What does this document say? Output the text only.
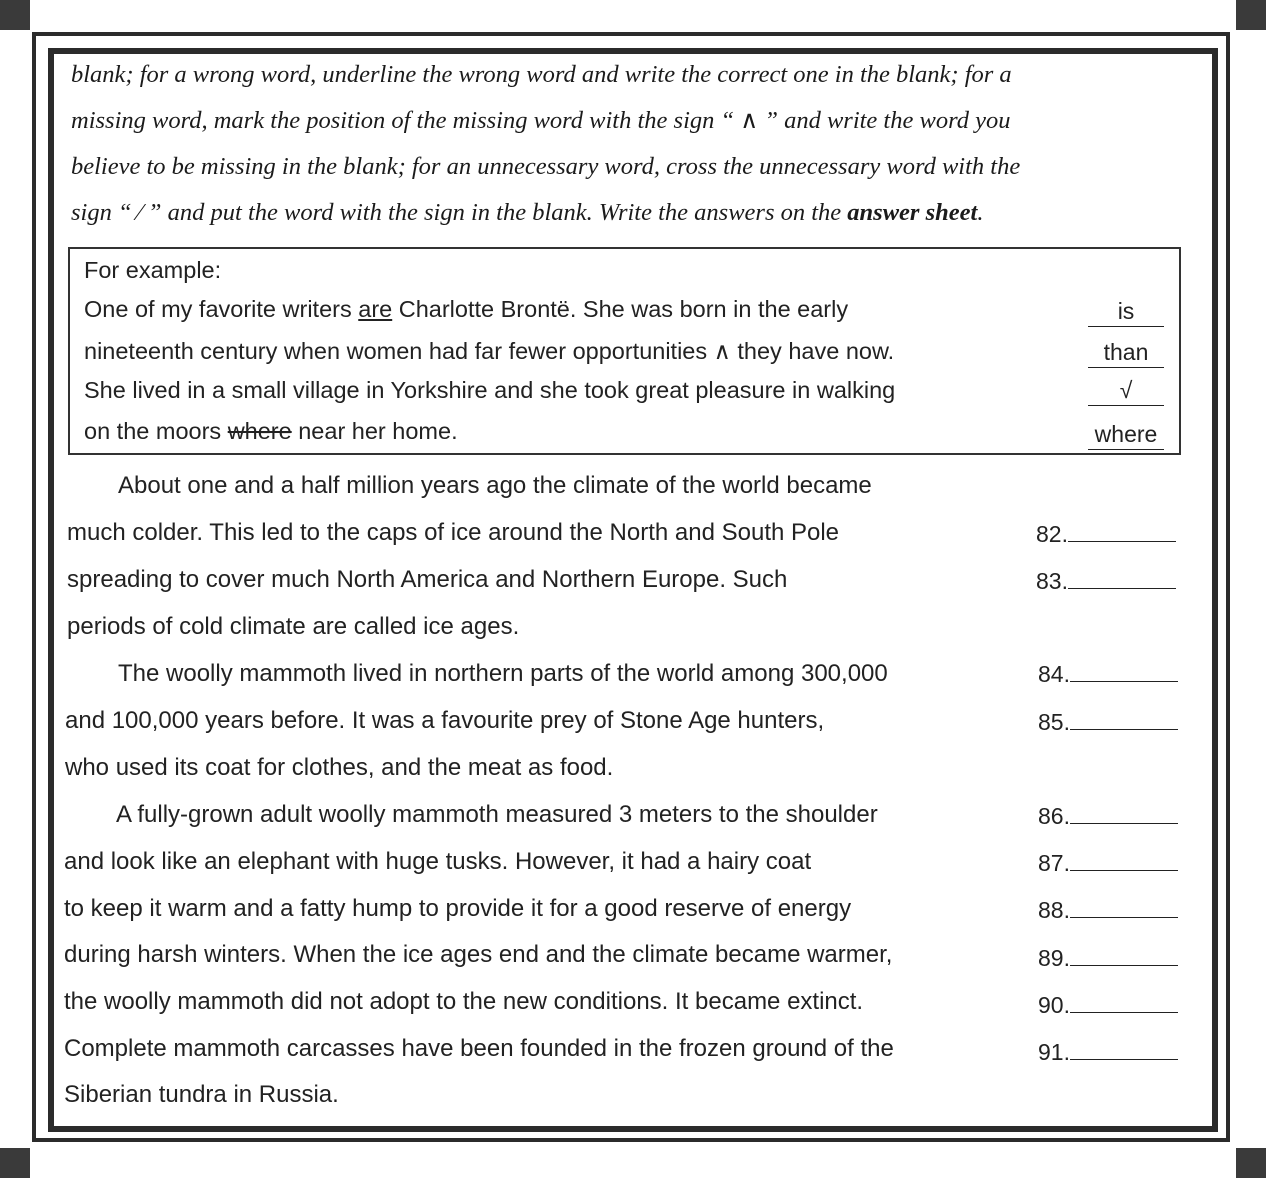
blank; for a wrong word, underline the wrong word and write the correct one in the blank; for a
missing word, mark the position of the missing word with the sign “ ∧ ” and write the word you
believe to be missing in the blank; for an unnecessary word, cross the unnecessary word with the
sign “ ⁄ ” and put the word with the sign in the blank. Write the answers on the answer sheet.
For example:
One of my favorite writers are Charlotte Brontë. She was born in the early
nineteenth century when women had far fewer opportunities ∧ they have now.
She lived in a small village in Yorkshire and she took great pleasure in walking
on the moors where near her home.
is
than
√
where
About one and a half million years ago the climate of the world became
much colder. This led to the caps of ice around the North and South Pole
spreading to cover much North America and Northern Europe. Such
periods of cold climate are called ice ages.
The woolly mammoth lived in northern parts of the world among 300,000
and 100,000 years before. It was a favourite prey of Stone Age hunters,
who used its coat for clothes, and the meat as food.
A fully-grown adult woolly mammoth measured 3 meters to the shoulder
and look like an elephant with huge tusks. However, it had a hairy coat
to keep it warm and a fatty hump to provide it for a good reserve of energy
during harsh winters. When the ice ages end and the climate became warmer,
the woolly mammoth did not adopt to the new conditions. It became extinct.
Complete mammoth carcasses have been founded in the frozen ground of the
Siberian tundra in Russia.
82.
83.
84.
85.
86.
87.
88.
89.
90.
91.
